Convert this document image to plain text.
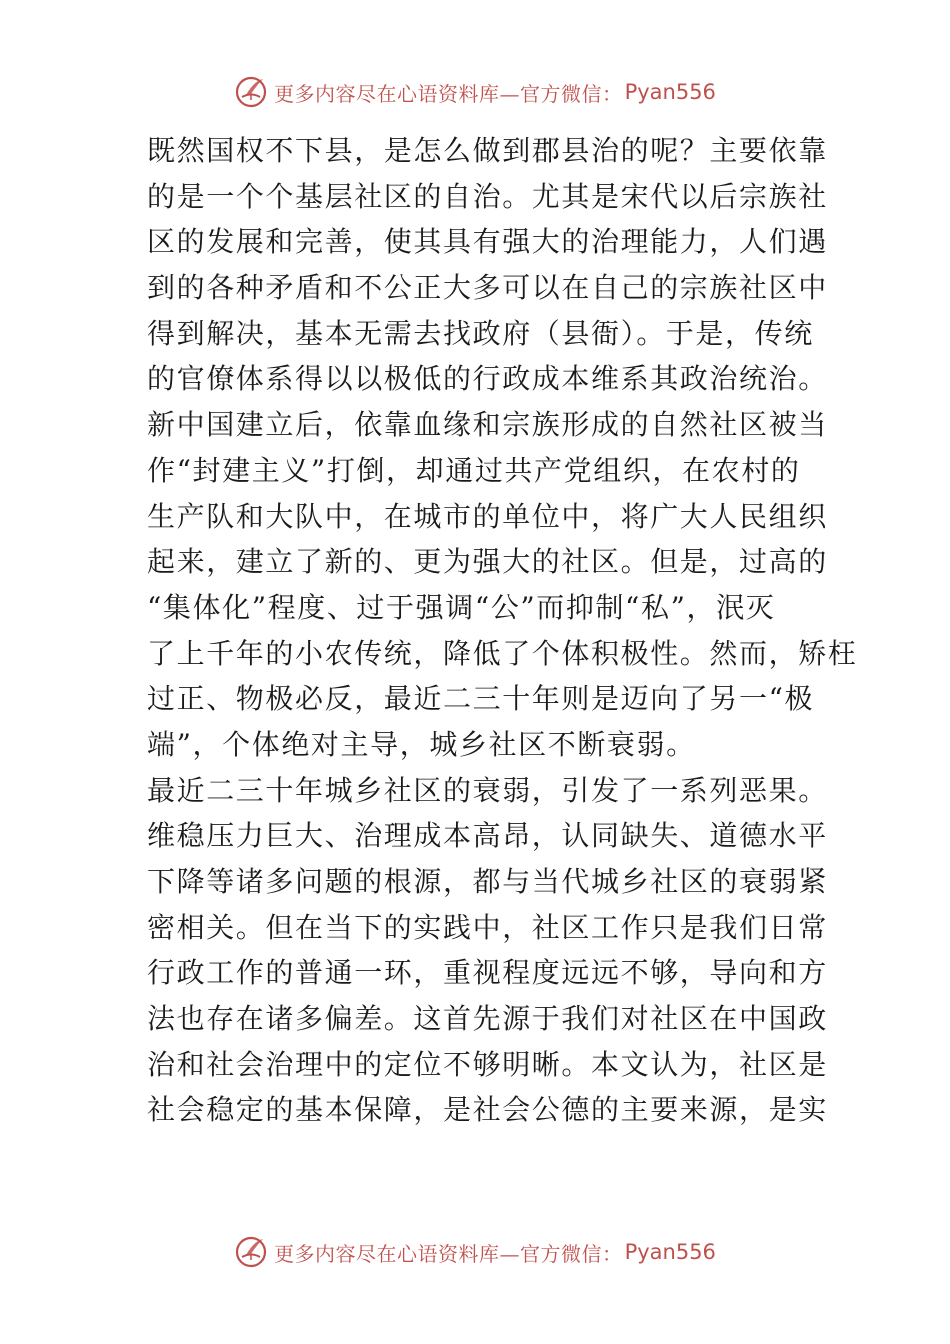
更多内容尽在心语资料库—官方微信： Pyan556
既然国权不下县，是怎么做到郡县治的呢？主要依靠
的是一个个基层社区的自治。尤其是宋代以后宗族社
区的发展和完善，使其具有强大的治理能力，人们遇
到的各种矛盾和不公正大多可以在自己的宗族社区中
得到解决，基本无需去找政府（县衙）。于是，传统
的官僚体系得以以极低的行政成本维系其政治统治。
新中国建立后，依靠血缘和宗族形成的自然社区被当
作“封建主义”打倒，却通过共产党组织，在农村的
生产队和大队中，在城市的单位中，将广大人民组织
起来，建立了新的、更为强大的社区。但是，过高的
“集体化”程度、过于强调“公”而抑制“私”，泯灭
了上千年的小农传统，降低了个体积极性。然而，矫枉
过正、物极必反，最近二三十年则是迈向了另一“极
端”，个体绝对主导，城乡社区不断衰弱。
最近二三十年城乡社区的衰弱，引发了一系列恶果。
维稳压力巨大、治理成本高昂，认同缺失、道德水平
下降等诸多问题的根源，都与当代城乡社区的衰弱紧
密相关。但在当下的实践中，社区工作只是我们日常
行政工作的普通一环，重视程度远远不够，导向和方
法也存在诸多偏差。这首先源于我们对社区在中国政
治和社会治理中的定位不够明晰。本文认为，社区是
社会稳定的基本保障，是社会公德的主要来源，是实
更多内容尽在心语资料库—官方微信： Pyan556
